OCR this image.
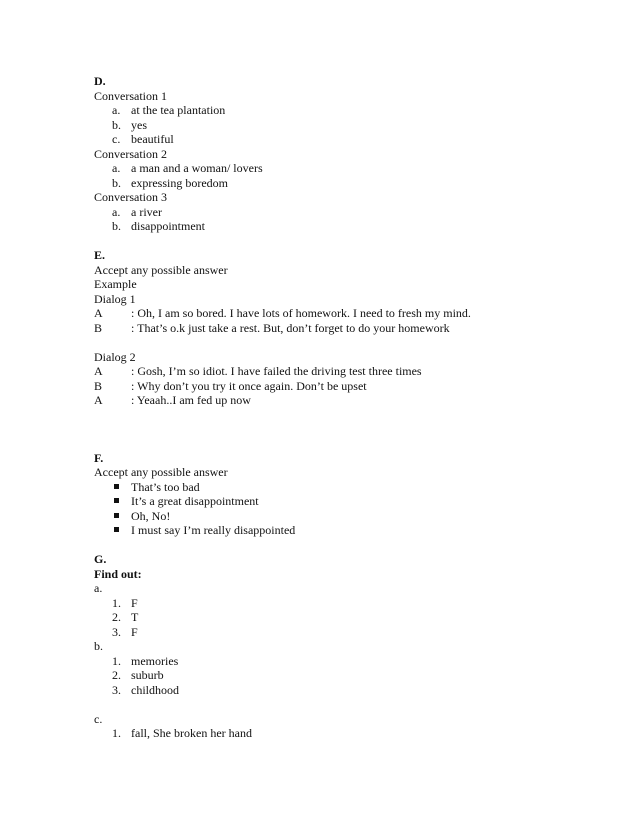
D.
Conversation 1
a. at the tea plantation
b. yes
c. beautiful
Conversation 2
a. a man and a woman/ lovers
b. expressing boredom
Conversation 3
a. a river
b. disappointment
E.
Accept any possible answer
Example
Dialog 1
A : Oh, I am so bored. I have lots of homework. I need to fresh my mind.
B : That’s o.k just take a rest. But, don’t forget to do your homework
Dialog 2
A : Gosh, I’m so idiot. I have failed the driving test three times
B : Why don’t you try it once again. Don’t be upset
A : Yeaah..I am fed up now
F.
Accept any possible answer
That’s too bad
It’s a great disappointment
Oh, No!
I must say I’m really disappointed
G.
Find out:
a.
1. F
2. T
3. F
b.
1. memories
2. suburb
3. childhood
c.
1. fall, She broken her hand
